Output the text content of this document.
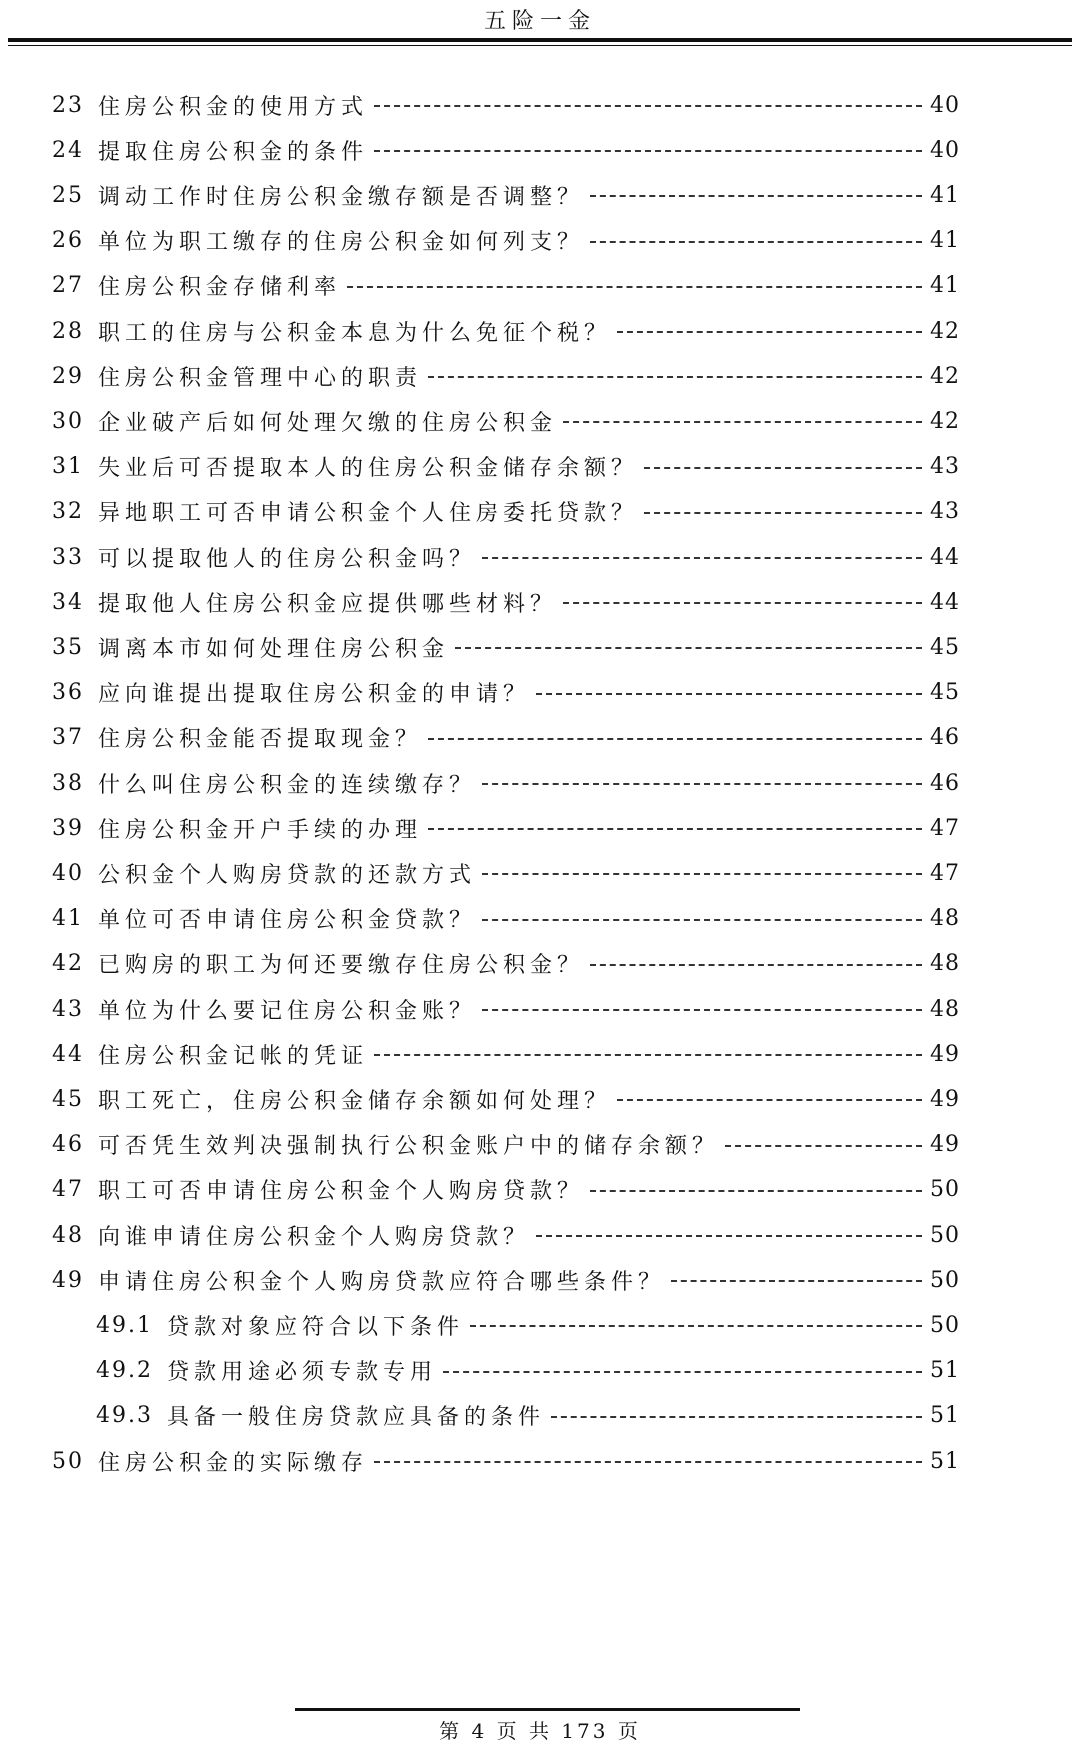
五险一金
23 住房公积金的使用方式	40
24 提取住房公积金的条件	40
25 调动工作时住房公积金缴存额是否调整？	41
26 单位为职工缴存的住房公积金如何列支？	41
27 住房公积金存储利率	41
28 职工的住房与公积金本息为什么免征个税？	42
29 住房公积金管理中心的职责	42
30 企业破产后如何处理欠缴的住房公积金	42
31 失业后可否提取本人的住房公积金储存余额？	43
32 异地职工可否申请公积金个人住房委托贷款？	43
33 可以提取他人的住房公积金吗？	44
34 提取他人住房公积金应提供哪些材料？	44
35 调离本市如何处理住房公积金	45
36 应向谁提出提取住房公积金的申请？	45
37 住房公积金能否提取现金？	46
38 什么叫住房公积金的连续缴存？	46
39 住房公积金开户手续的办理	47
40 公积金个人购房贷款的还款方式	47
41 单位可否申请住房公积金贷款？	48
42 已购房的职工为何还要缴存住房公积金？	48
43 单位为什么要记住房公积金账？	48
44 住房公积金记帐的凭证	49
45 职工死亡，住房公积金储存余额如何处理？	49
46 可否凭生效判决强制执行公积金账户中的储存余额？	49
47 职工可否申请住房公积金个人购房贷款？	50
48 向谁申请住房公积金个人购房贷款？	50
49 申请住房公积金个人购房贷款应符合哪些条件？	50
49.1 贷款对象应符合以下条件	50
49.2 贷款用途必须专款专用	51
49.3 具备一般住房贷款应具备的条件	51
50 住房公积金的实际缴存	51
第 4 页 共 173 页
